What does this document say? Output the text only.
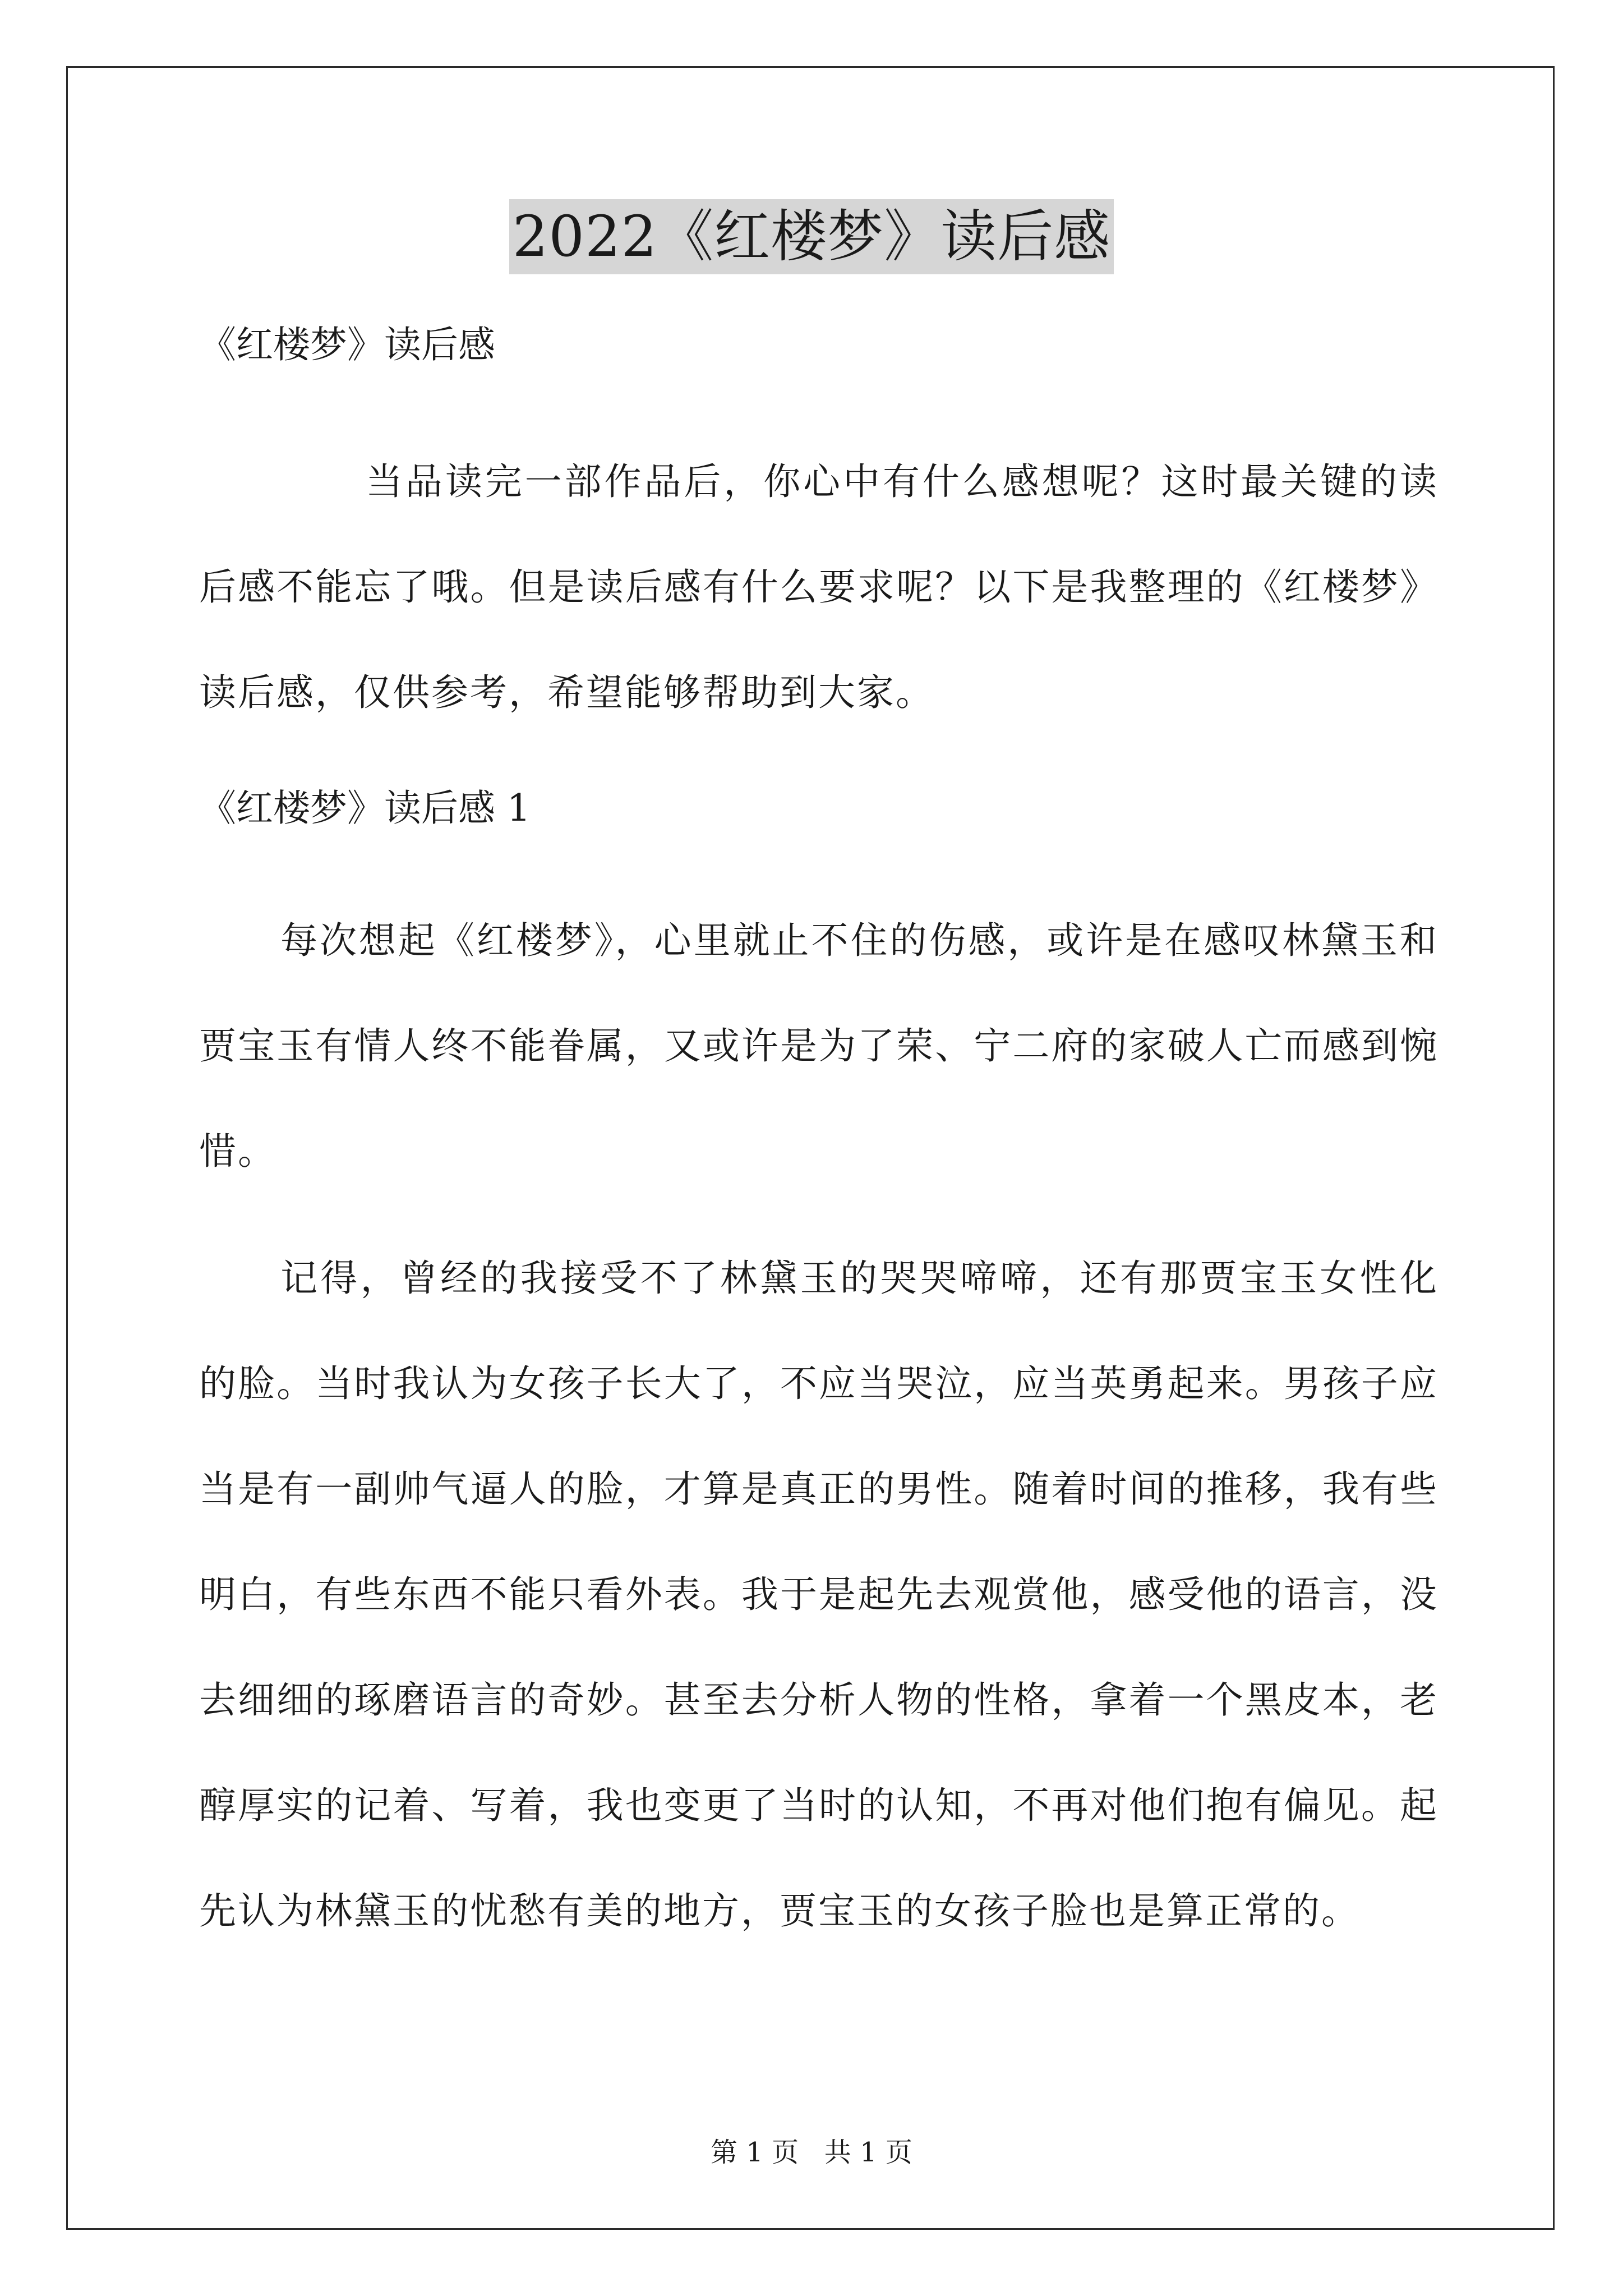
2022《红楼梦》读后感
《红楼梦》读后感
当品读完一部作品后，你心中有什么感想呢？这时最关键的读后感不能忘了哦。但是读后感有什么要求呢？以下是我整理的《红楼梦》读后感，仅供参考，希望能够帮助到大家。
《红楼梦》读后感 1
每次想起《红楼梦》，心里就止不住的伤感，或许是在感叹林黛玉和贾宝玉有情人终不能眷属，又或许是为了荣、宁二府的家破人亡而感到惋惜。
记得，曾经的我接受不了林黛玉的哭哭啼啼，还有那贾宝玉女性化的脸。当时我认为女孩子长大了，不应当哭泣，应当英勇起来。男孩子应当是有一副帅气逼人的脸，才算是真正的男性。随着时间的推移，我有些明白，有些东西不能只看外表。我于是起先去观赏他，感受他的语言，没去细细的琢磨语言的奇妙。甚至去分析人物的性格，拿着一个黑皮本，老醇厚实的记着、写着，我也变更了当时的认知，不再对他们抱有偏见。起先认为林黛玉的忧愁有美的地方，贾宝玉的女孩子脸也是算正常的。
第 1 页   共 1 页
